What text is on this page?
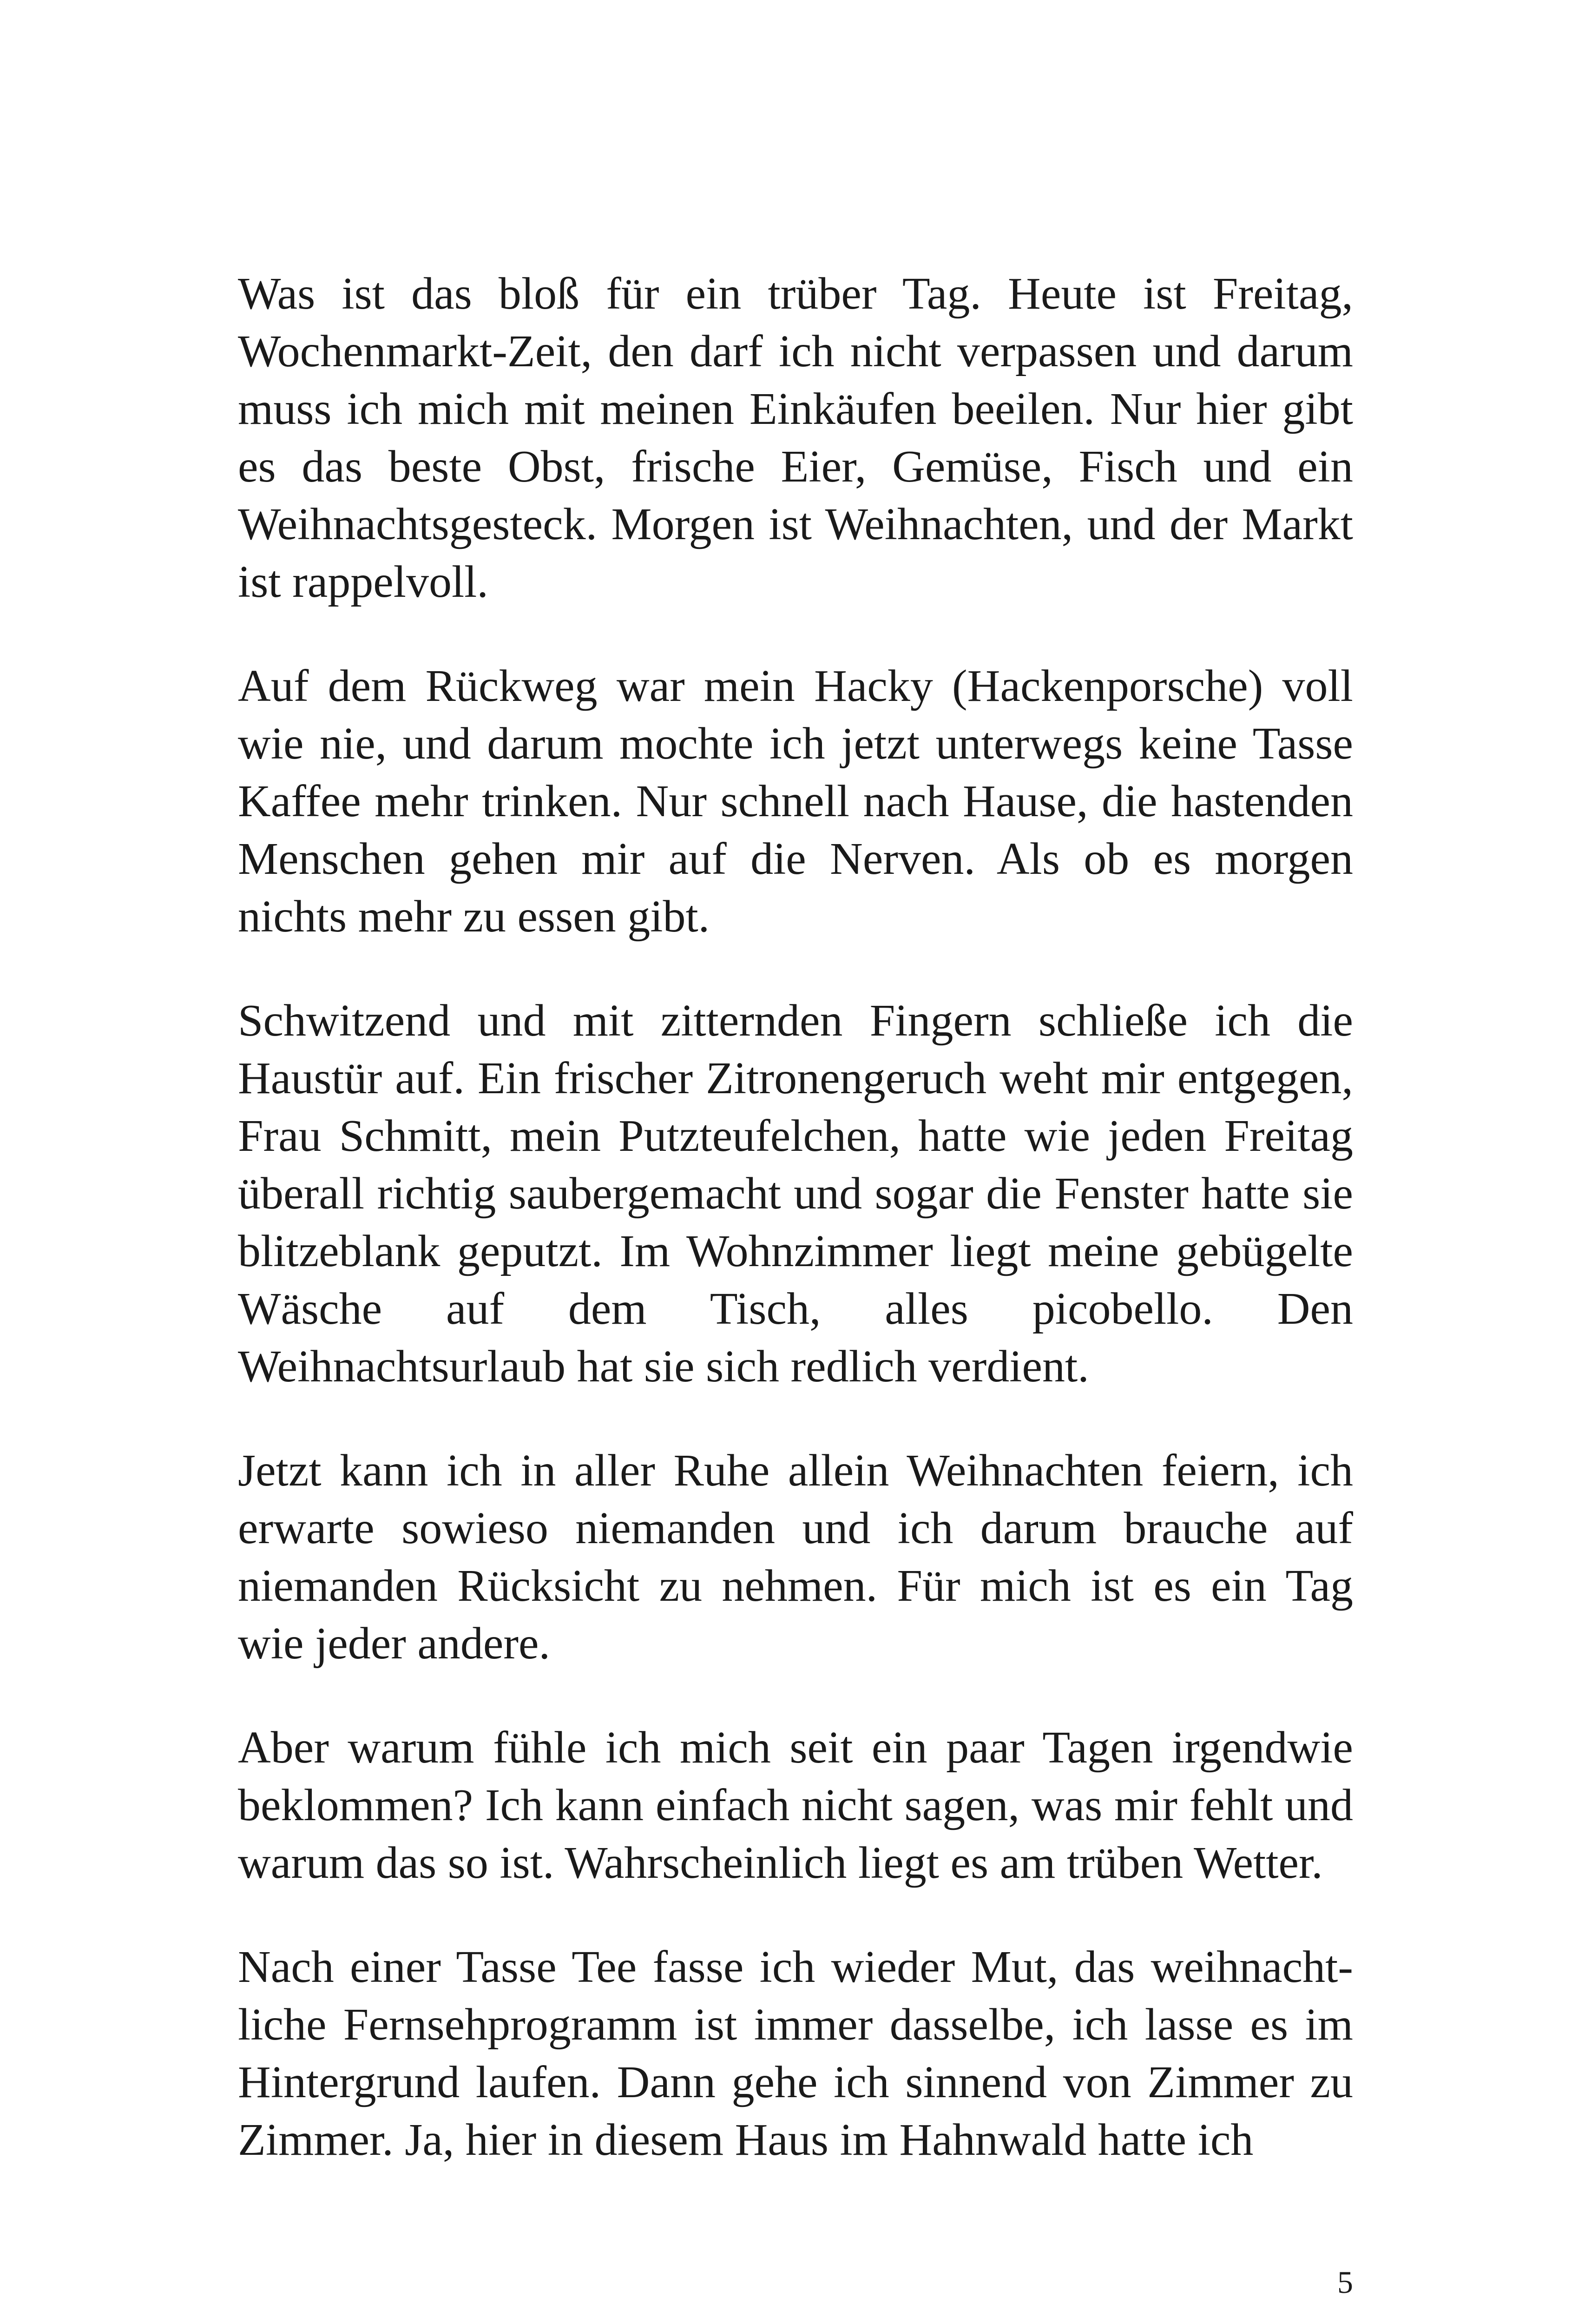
Was ist das bloß für ein trüber Tag. Heute ist Freitag, Wochenmarkt-Zeit, den darf ich nicht verpassen und darum muss ich mich mit meinen Einkäufen beeilen. Nur hier gibt es das beste Obst, frische Eier, Gemüse, Fisch und ein Weihnachtsgesteck. Morgen ist Weihnachten, und der Markt ist rappelvoll.

Auf dem Rückweg war mein Hacky (Hackenporsche) voll wie nie, und darum mochte ich jetzt unterwegs keine Tasse Kaffee mehr trinken. Nur schnell nach Hause, die hastenden Menschen gehen mir auf die Nerven. Als ob es morgen nichts mehr zu essen gibt.

Schwitzend und mit zitternden Fingern schließe ich die Haustür auf. Ein frischer Zitronengeruch weht mir entgegen, Frau Schmitt, mein Putzteufelchen, hatte wie jeden Freitag überall richtig saubergemacht und sogar die Fenster hatte sie blitzeblank geputzt. Im Wohnzimmer liegt meine gebügelte Wäsche auf dem Tisch, alles picobello. Den Weihnachtsurlaub hat sie sich redlich verdient.

Jetzt kann ich in aller Ruhe allein Weihnachten feiern, ich erwarte sowieso niemanden und ich darum brauche auf niemanden Rücksicht zu nehmen. Für mich ist es ein Tag wie jeder andere.

Aber warum fühle ich mich seit ein paar Tagen irgendwie beklommen? Ich kann einfach nicht sagen, was mir fehlt und warum das so ist. Wahrscheinlich liegt es am trüben Wetter.

Nach einer Tasse Tee fasse ich wieder Mut, das weihnachtliche Fernsehprogramm ist immer dasselbe, ich lasse es im Hintergrund laufen. Dann gehe ich sinnend von Zimmer zu Zimmer. Ja, hier in diesem Haus im Hahnwald hatte ich

5
